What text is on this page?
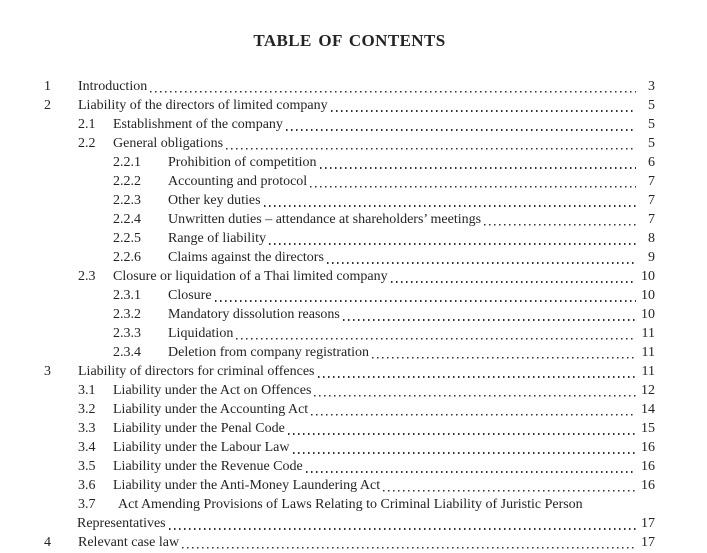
TABLE OF CONTENTS
1	Introduction	3
2	Liability of the directors of limited company	5
2.1	Establishment of the company	5
2.2	General obligations	5
2.2.1	Prohibition of competition	6
2.2.2	Accounting and protocol	7
2.2.3	Other key duties	7
2.2.4	Unwritten duties – attendance at shareholders’ meetings	7
2.2.5	Range of liability	8
2.2.6	Claims against the directors	9
2.3	Closure or liquidation of a Thai limited company	10
2.3.1	Closure	10
2.3.2	Mandatory dissolution reasons	10
2.3.3	Liquidation	11
2.3.4	Deletion from company registration	11
3	Liability of directors for criminal offences	11
3.1	Liability under the Act on Offences	12
3.2	Liability under the Accounting Act	14
3.3	Liability under the Penal Code	15
3.4	Liability under the Labour Law	16
3.5	Liability under the Revenue Code	16
3.6	Liability under the Anti-Money Laundering Act	16
3.7	Act Amending Provisions of Laws Relating to Criminal Liability of Juristic Person
Representatives	17
4	Relevant case law	17
